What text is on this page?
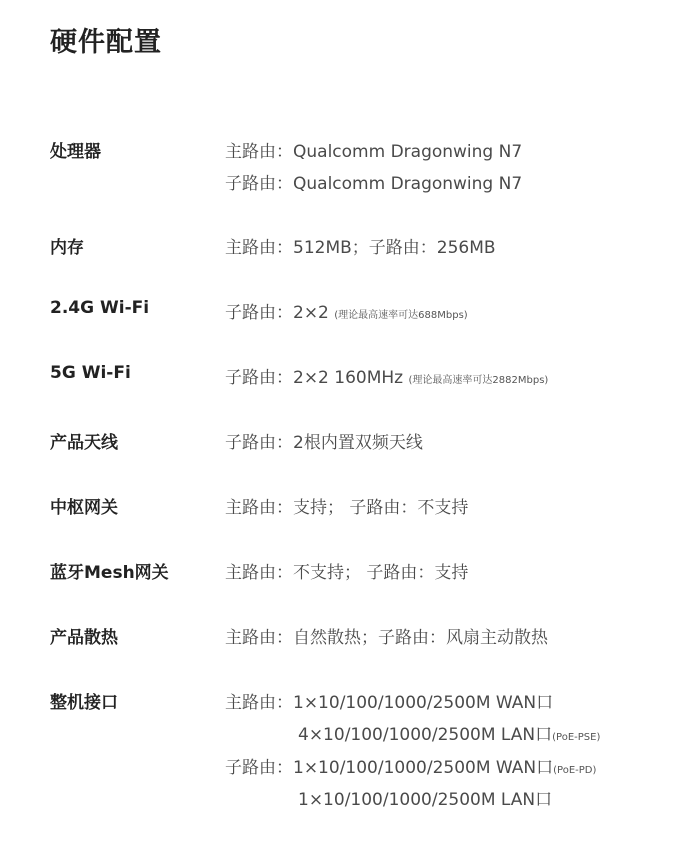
硬件配置
处理器	主路由：Qualcomm Dragonwing N7
子路由：Qualcomm Dragonwing N7
内存	主路由：512MB；子路由：256MB
2.4G Wi-Fi	子路由：2×2 (理论最高速率可达688Mbps)
5G Wi-Fi	子路由：2×2 160MHz (理论最高速率可达2882Mbps)
产品天线	子路由：2根内置双频天线
中枢网关	主路由：支持； 子路由：不支持
蓝牙Mesh网关	主路由：不支持； 子路由：支持
产品散热	主路由：自然散热；子路由：风扇主动散热
整机接口	主路由：1×10/100/1000/2500M WAN口
4×10/100/1000/2500M LAN口(PoE-PSE)
子路由：1×10/100/1000/2500M WAN口(PoE-PD)
1×10/100/1000/2500M LAN口
